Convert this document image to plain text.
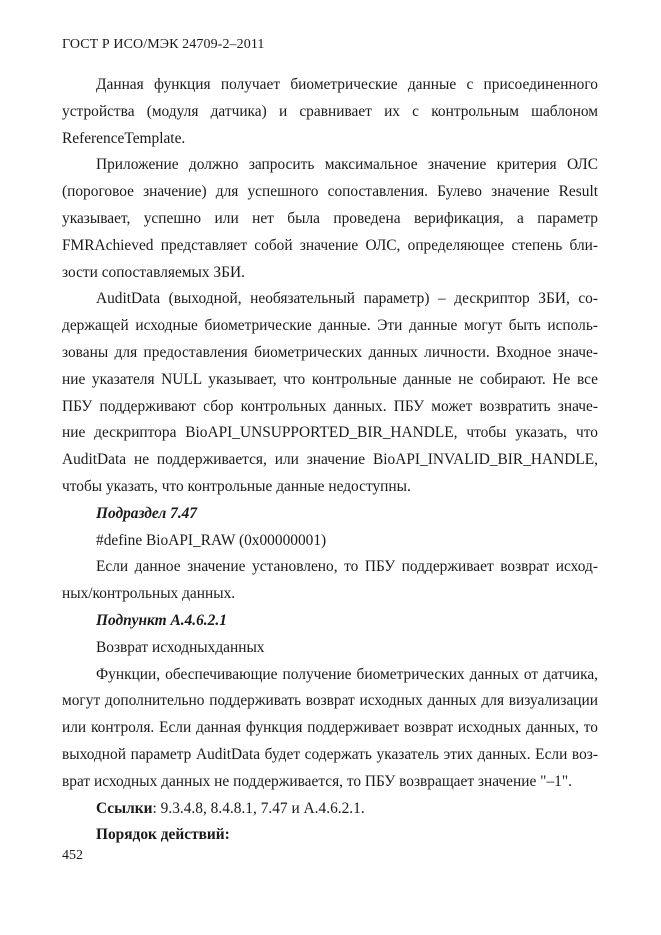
ГОСТ Р ИСО/МЭК 24709-2–2011
Данная функция получает биометрические данные с присоединенного
устройства (модуля датчика) и сравнивает их с контрольным шаблоном
ReferenceTemplate.
Приложение должно запросить максимальное значение критерия ОЛС
(пороговое значение) для успешного сопоставления. Булево значение Result
указывает, успешно или нет была проведена верификация, а параметр
FMRAchieved представляет собой значение ОЛС, определяющее степень бли-
зости сопоставляемых ЗБИ.
AuditData (выходной, необязательный параметр) – дескриптор ЗБИ, со-
держащей исходные биометрические данные. Эти данные могут быть исполь-
зованы для предоставления биометрических данных личности. Входное значе-
ние указателя NULL указывает, что контрольные данные не собирают. Не все
ПБУ поддерживают сбор контрольных данных. ПБУ может возвратить значе-
ние дескриптора BioAPI_UNSUPPORTED_BIR_HANDLE, чтобы указать, что
AuditData не поддерживается, или значение BioAPI_INVALID_BIR_HANDLE,
чтобы указать, что контрольные данные недоступны.
Подраздел 7.47
#define BioAPI_RAW (0x00000001)
Если данное значение установлено, то ПБУ поддерживает возврат исход-
ных/контрольных данных.
Подпункт А.4.6.2.1
Возврат исходныхданных
Функции, обеспечивающие получение биометрических данных от датчика,
могут дополнительно поддерживать возврат исходных данных для визуализации
или контроля. Если данная функция поддерживает возврат исходных данных, то
выходной параметр AuditData будет содержать указатель этих данных. Если воз-
врат исходных данных не поддерживается, то ПБУ возвращает значение "–1".
Ссылки: 9.3.4.8, 8.4.8.1, 7.47 и А.4.6.2.1.
Порядок действий:
452
